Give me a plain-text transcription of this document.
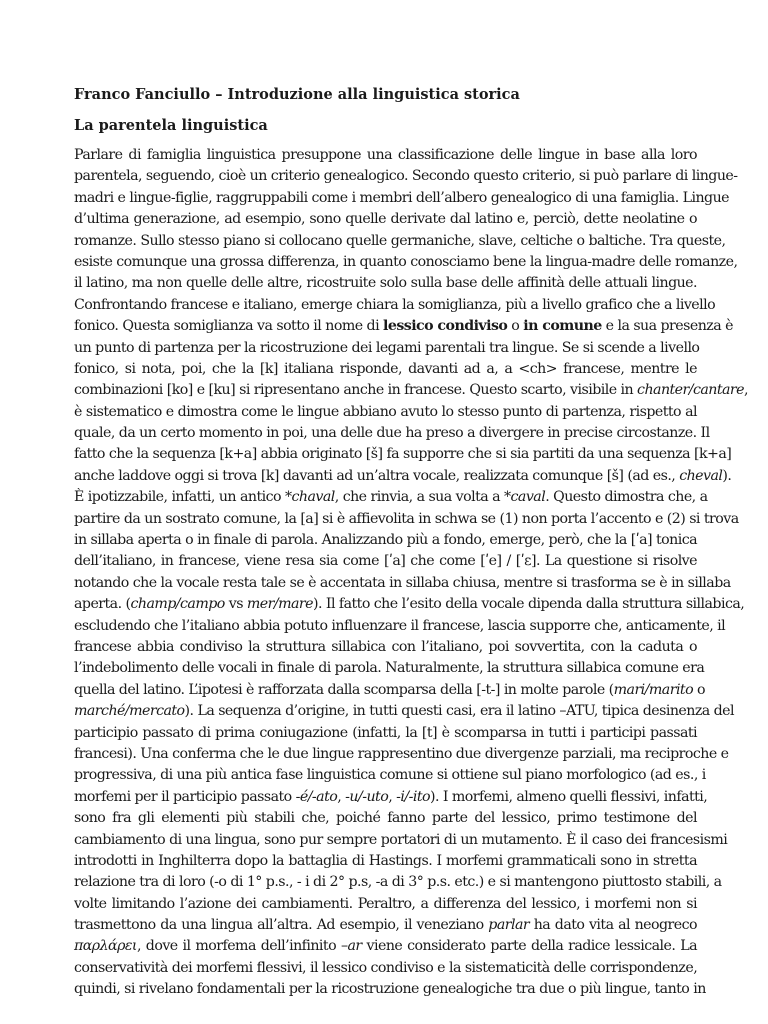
Franco Fanciullo – Introduzione alla linguistica storica
La parentela linguistica
Parlare di famiglia linguistica presuppone una classificazione delle lingue in base alla loro
parentela, seguendo, cioè un criterio genealogico. Secondo questo criterio, si può parlare di lingue-
madri e lingue-figlie, raggruppabili come i membri dell’albero genealogico di una famiglia. Lingue
d’ultima generazione, ad esempio, sono quelle derivate dal latino e, perciò, dette neolatine o
romanze. Sullo stesso piano si collocano quelle germaniche, slave, celtiche o baltiche. Tra queste,
esiste comunque una grossa differenza, in quanto conosciamo bene la lingua-madre delle romanze,
il latino, ma non quelle delle altre, ricostruite solo sulla base delle affinità delle attuali lingue.
Confrontando francese e italiano, emerge chiara la somiglianza, più a livello grafico che a livello
fonico. Questa somiglianza va sotto il nome di lessico condiviso o in comune e la sua presenza è
un punto di partenza per la ricostruzione dei legami parentali tra lingue. Se si scende a livello
fonico, si nota, poi, che la [k] italiana risponde, davanti ad a, a <ch> francese, mentre le
combinazioni [ko] e [ku] si ripresentano anche in francese. Questo scarto, visibile in chanter/cantare,
è sistematico e dimostra come le lingue abbiano avuto lo stesso punto di partenza, rispetto al
quale, da un certo momento in poi, una delle due ha preso a divergere in precise circostanze. Il
fatto che la sequenza [k+a] abbia originato [š] fa supporre che si sia partiti da una sequenza [k+a]
anche laddove oggi si trova [k] davanti ad un’altra vocale, realizzata comunque [š] (ad es., cheval).
È ipotizzabile, infatti, un antico *chaval, che rinvia, a sua volta a *caval. Questo dimostra che, a
partire da un sostrato comune, la [a] si è affievolita in schwa se (1) non porta l’accento e (2) si trova
in sillaba aperta o in finale di parola. Analizzando più a fondo, emerge, però, che la [ʹa] tonica
dell’italiano, in francese, viene resa sia come [ʹa] che come [ʹe] / [ʹε]. La questione si risolve
notando che la vocale resta tale se è accentata in sillaba chiusa, mentre si trasforma se è in sillaba
aperta. (champ/campo vs mer/mare). Il fatto che l’esito della vocale dipenda dalla struttura sillabica,
escludendo che l’italiano abbia potuto influenzare il francese, lascia supporre che, anticamente, il
francese abbia condiviso la struttura sillabica con l’italiano, poi sovvertita, con la caduta o
l’indebolimento delle vocali in finale di parola. Naturalmente, la struttura sillabica comune era
quella del latino. L’ipotesi è rafforzata dalla scomparsa della [-t-] in molte parole (mari/marito o
marché/mercato). La sequenza d’origine, in tutti questi casi, era il latino –ATU, tipica desinenza del
participio passato di prima coniugazione (infatti, la [t] è scomparsa in tutti i participi passati
francesi). Una conferma che le due lingue rappresentino due divergenze parziali, ma reciproche e
progressiva, di una più antica fase linguistica comune si ottiene sul piano morfologico (ad es., i
morfemi per il participio passato -é/-ato, -u/-uto, -i/-ito). I morfemi, almeno quelli flessivi, infatti,
sono fra gli elementi più stabili che, poiché fanno parte del lessico, primo testimone del
cambiamento di una lingua, sono pur sempre portatori di un mutamento. È il caso dei francesismi
introdotti in Inghilterra dopo la battaglia di Hastings. I morfemi grammaticali sono in stretta
relazione tra di loro (-o di 1° p.s., - i di 2° p.s, -a di 3° p.s. etc.) e si mantengono piuttosto stabili, a
volte limitando l’azione dei cambiamenti. Peraltro, a differenza del lessico, i morfemi non si
trasmettono da una lingua all’altra. Ad esempio, il veneziano parlar ha dato vita al neogreco
παρλάρει, dove il morfema dell’infinito –ar viene considerato parte della radice lessicale. La
conservatività dei morfemi flessivi, il lessico condiviso e la sistematicità delle corrispondenze,
quindi, si rivelano fondamentali per la ricostruzione genealogiche tra due o più lingue, tanto in
